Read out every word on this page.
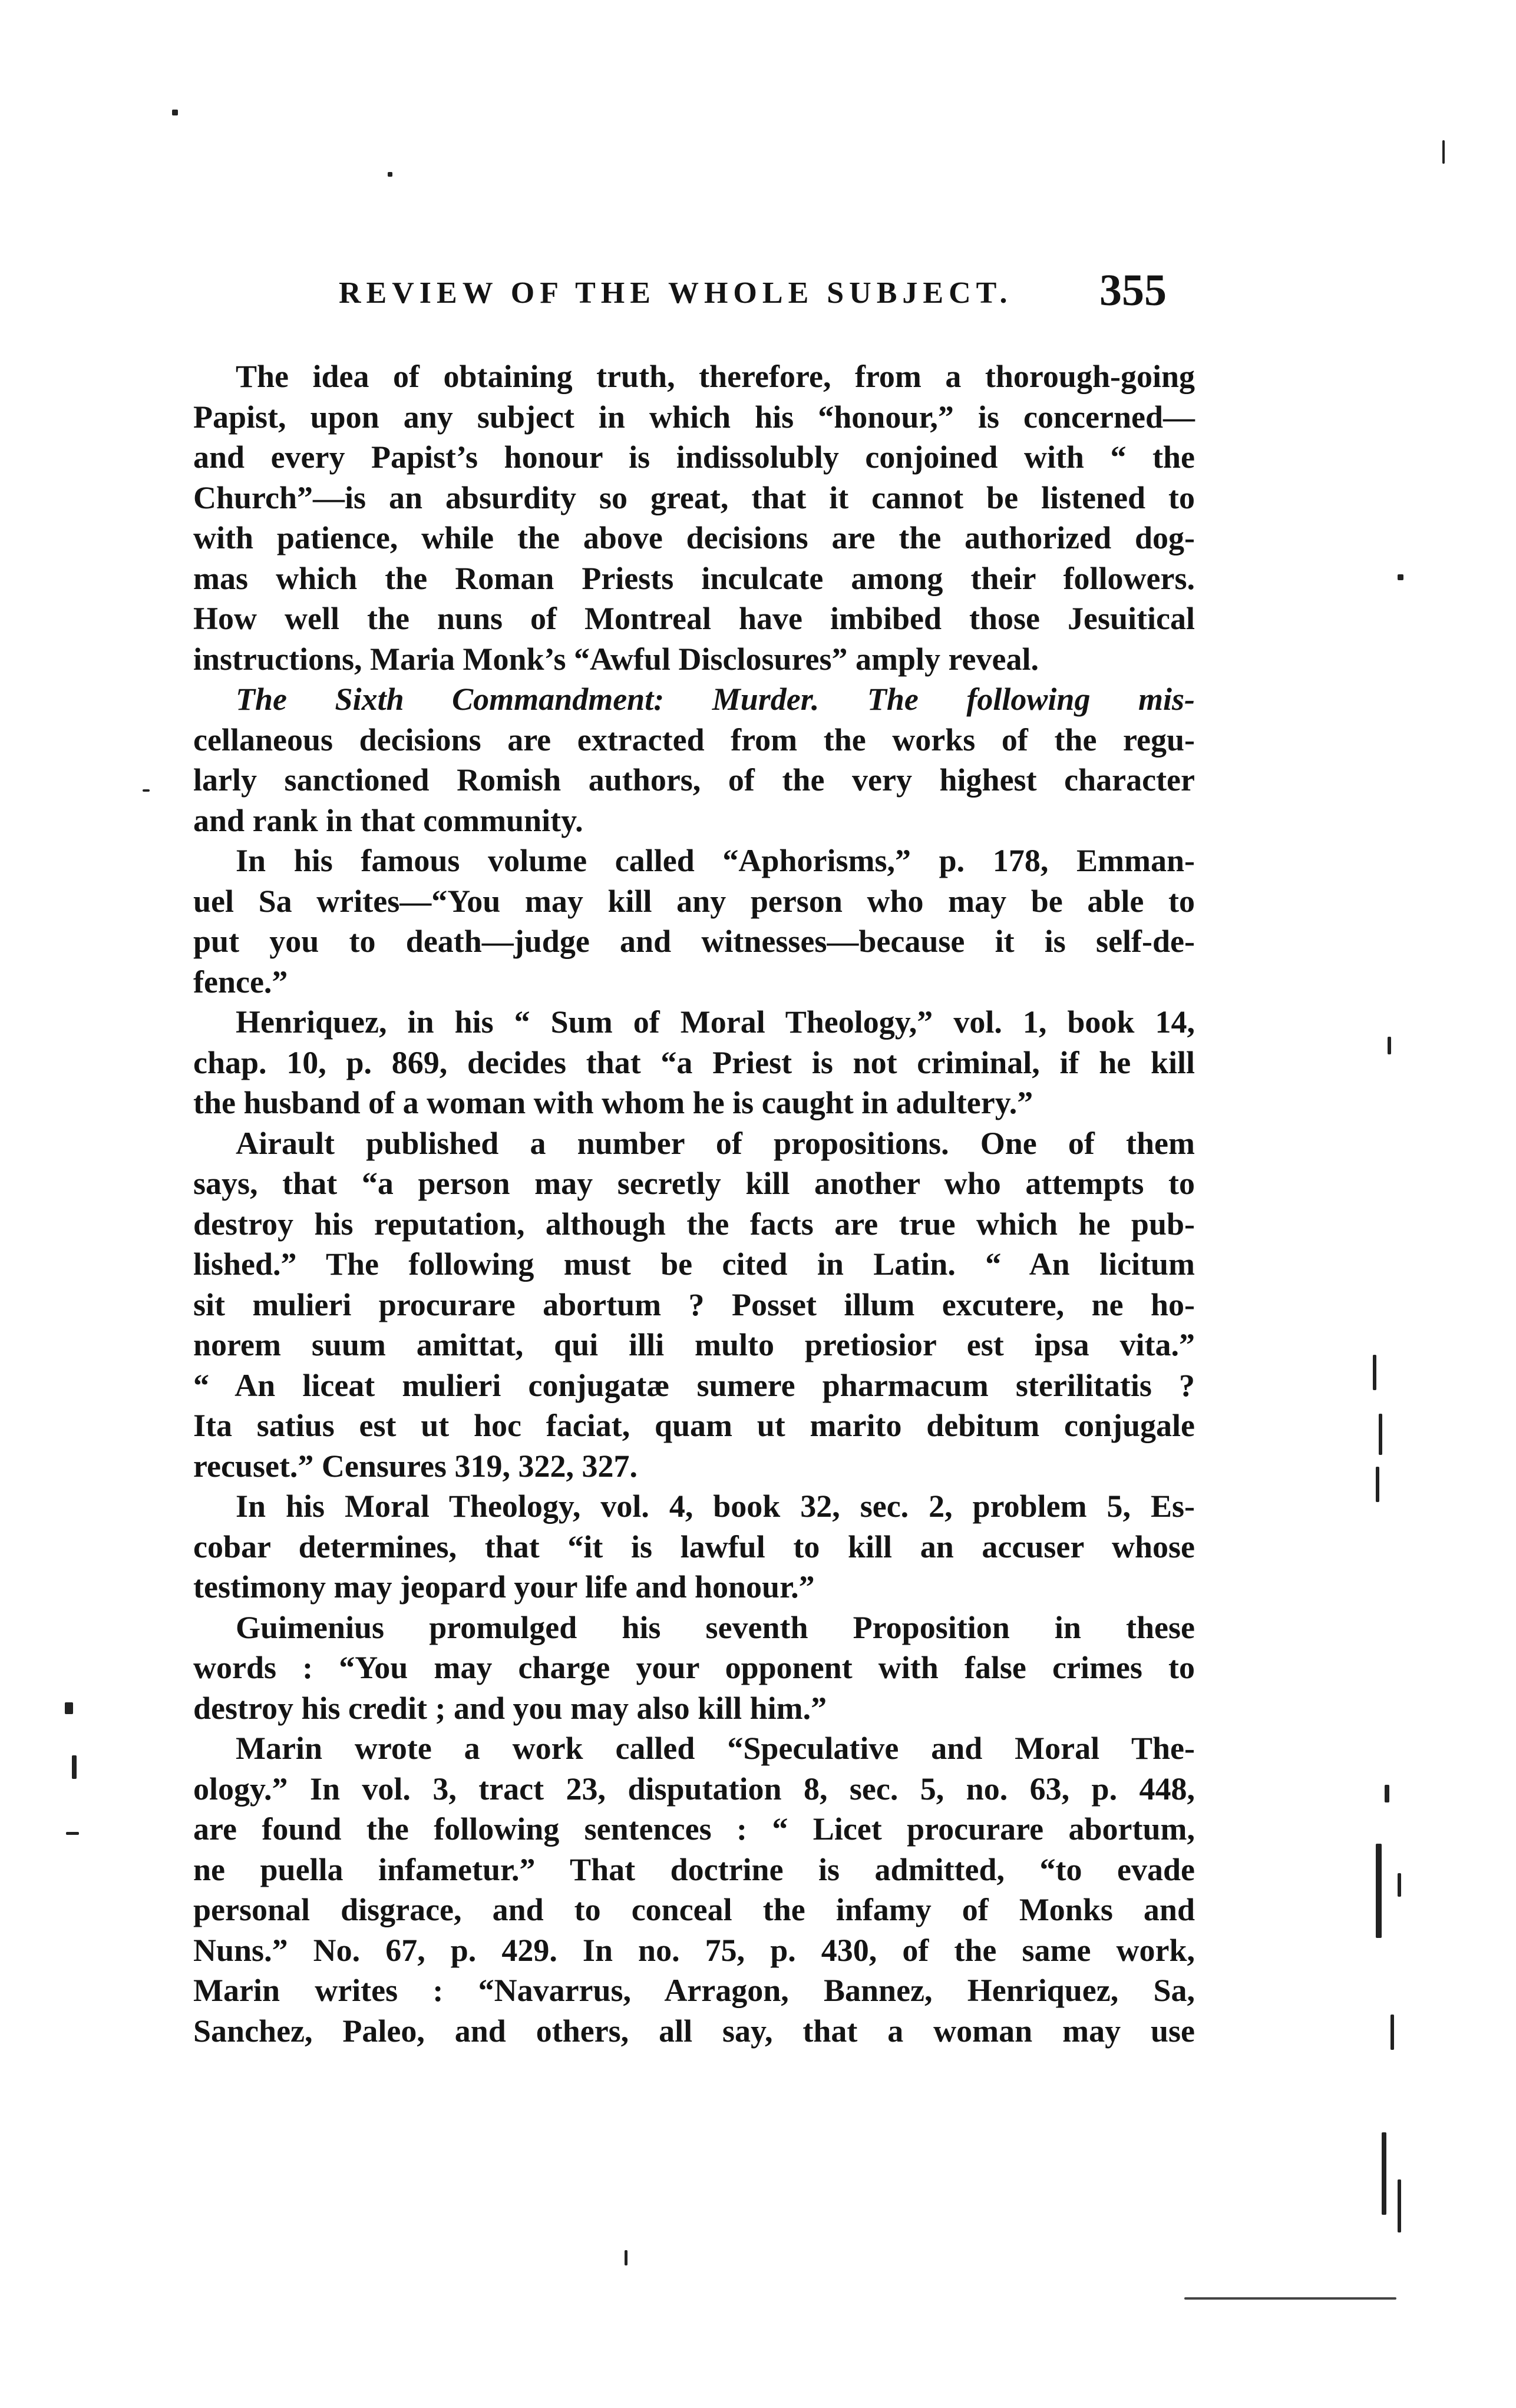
REVIEW OF THE WHOLE SUBJECT. 355
The idea of obtaining truth, therefore, from a thorough-going
Papist, upon any subject in which his “honour,” is concerned—
and every Papist’s honour is indissolubly conjoined with “ the
Church”—is an absurdity so great, that it cannot be listened to
with patience, while the above decisions are the authorized dog-
mas which the Roman Priests inculcate among their followers.
How well the nuns of Montreal have imbibed those Jesuitical
instructions, Maria Monk’s “Awful Disclosures” amply reveal.
The Sixth Commandment: Murder. The following mis-
cellaneous decisions are extracted from the works of the regu-
larly sanctioned Romish authors, of the very highest character
and rank in that community.
In his famous volume called “Aphorisms,” p. 178, Emman-
uel Sa writes—“You may kill any person who may be able to
put you to death—judge and witnesses—because it is self-de-
fence.”
Henriquez, in his “ Sum of Moral Theology,” vol. 1, book 14,
chap. 10, p. 869, decides that “a Priest is not criminal, if he kill
the husband of a woman with whom he is caught in adultery.”
Airault published a number of propositions. One of them
says, that “a person may secretly kill another who attempts to
destroy his reputation, although the facts are true which he pub-
lished.” The following must be cited in Latin. “ An licitum
sit mulieri procurare abortum ? Posset illum excutere, ne ho-
norem suum amittat, qui illi multo pretiosior est ipsa vita.”
“ An liceat mulieri conjugatæ sumere pharmacum sterilitatis ?
Ita satius est ut hoc faciat, quam ut marito debitum conjugale
recuset.” Censures 319, 322, 327.
In his Moral Theology, vol. 4, book 32, sec. 2, problem 5, Es-
cobar determines, that “it is lawful to kill an accuser whose
testimony may jeopard your life and honour.”
Guimenius promulged his seventh Proposition in these
words : “You may charge your opponent with false crimes to
destroy his credit ; and you may also kill him.”
Marin wrote a work called “Speculative and Moral The-
ology.” In vol. 3, tract 23, disputation 8, sec. 5, no. 63, p. 448,
are found the following sentences : “ Licet procurare abortum,
ne puella infametur.” That doctrine is admitted, “to evade
personal disgrace, and to conceal the infamy of Monks and
Nuns.” No. 67, p. 429. In no. 75, p. 430, of the same work,
Marin writes : “Navarrus, Arragon, Bannez, Henriquez, Sa,
Sanchez, Paleo, and others, all say, that a woman may use
